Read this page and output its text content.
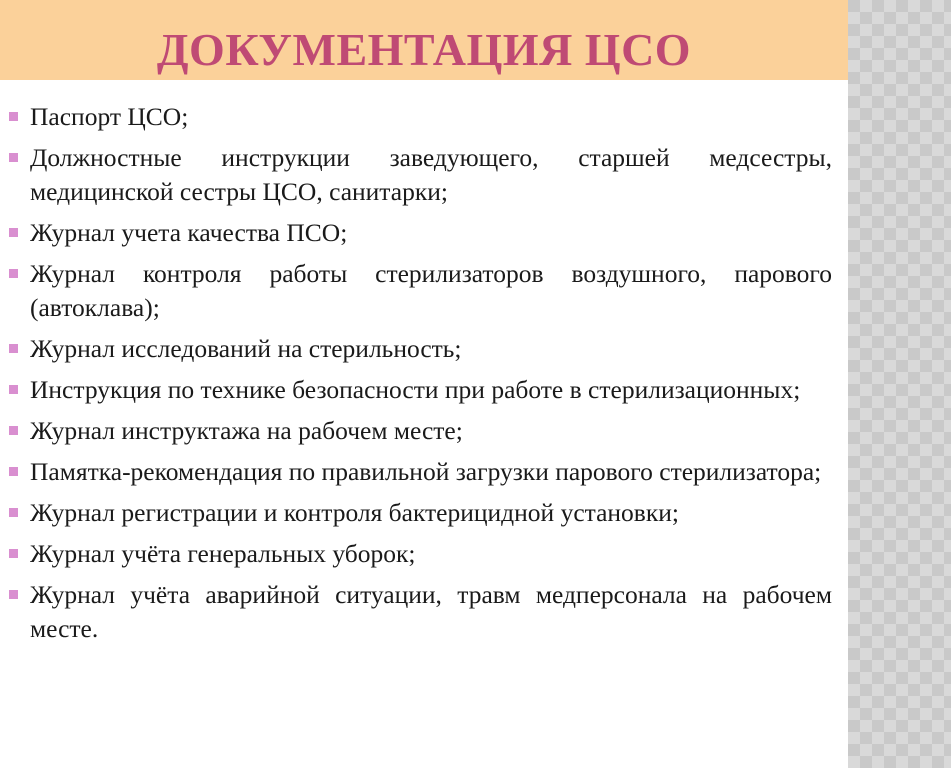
ДОКУМЕНТАЦИЯ ЦСО
Паспорт ЦСО;
Должностные инструкции заведующего, старшей медсестры, медицинской сестры ЦСО, санитарки;
Журнал учета качества ПСО;
Журнал контроля работы стерилизаторов воздушного, парового (автоклава);
Журнал исследований на стерильность;
Инструкция по технике безопасности при работе в стерилизационных;
Журнал инструктажа на рабочем месте;
Памятка-рекомендация по правильной загрузки парового стерилизатора;
Журнал регистрации и контроля бактерицидной установки;
Журнал учёта генеральных уборок;
Журнал учёта аварийной ситуации, травм медперсонала на рабочем месте.
